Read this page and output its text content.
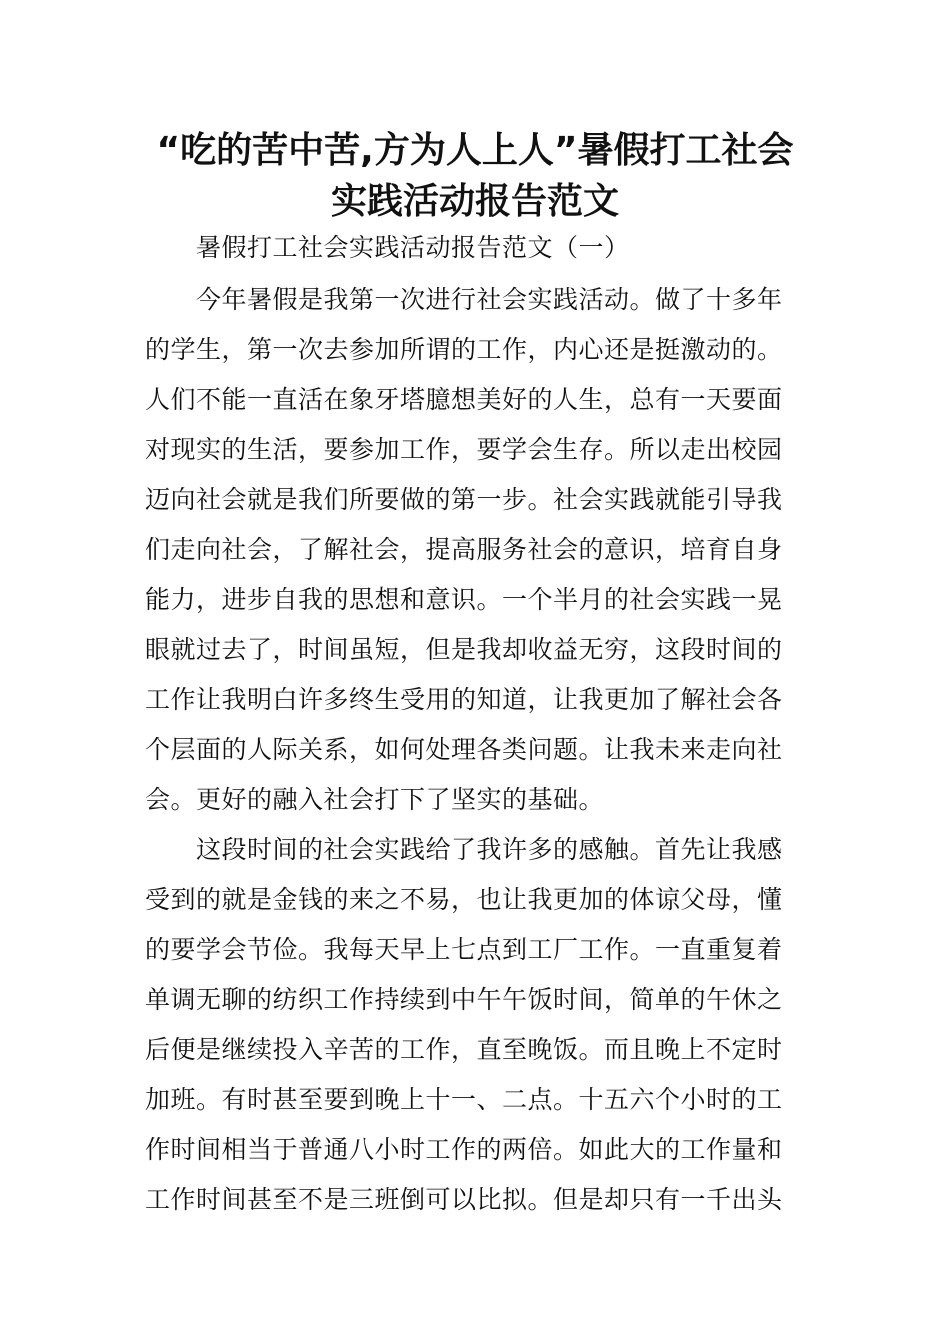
“吃的苦中苦,方为人上人”暑假打工社会
实践活动报告范文

暑假打工社会实践活动报告范文（一）

今年暑假是我第一次进行社会实践活动。做了十多年

的学生，第一次去参加所谓的工作，内心还是挺激动的。

人们不能一直活在象牙塔臆想美好的人生，总有一天要面

对现实的生活，要参加工作，要学会生存。所以走出校园

迈向社会就是我们所要做的第一步。社会实践就能引导我

们走向社会，了解社会，提高服务社会的意识，培育自身

能力，进步自我的思想和意识。一个半月的社会实践一晃

眼就过去了，时间虽短，但是我却收益无穷，这段时间的

工作让我明白许多终生受用的知道，让我更加了解社会各

个层面的人际关系，如何处理各类问题。让我未来走向社

会。更好的融入社会打下了坚实的基础。

这段时间的社会实践给了我许多的感触。首先让我感

受到的就是金钱的来之不易，也让我更加的体谅父母，懂

的要学会节俭。我每天早上七点到工厂工作。一直重复着

单调无聊的纺织工作持续到中午午饭时间，简单的午休之

后便是继续投入辛苦的工作，直至晚饭。而且晚上不定时

加班。有时甚至要到晚上十一、二点。十五六个小时的工

作时间相当于普通八小时工作的两倍。如此大的工作量和

工作时间甚至不是三班倒可以比拟。但是却只有一千出头
